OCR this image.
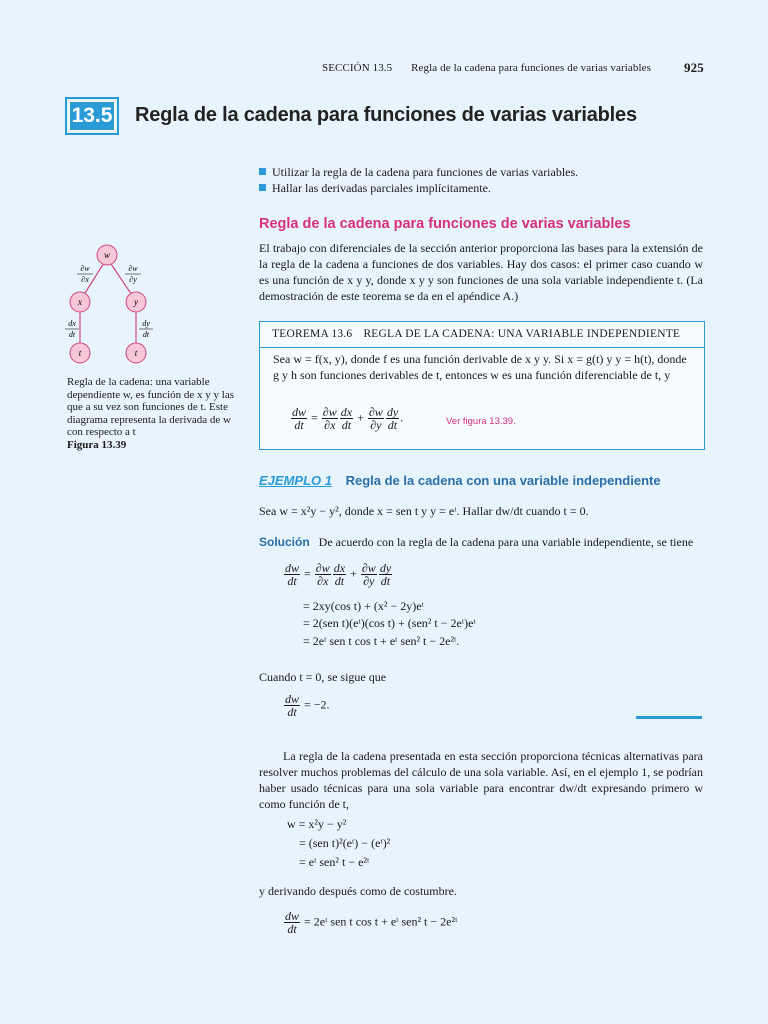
SECCIÓN 13.5 Regla de la cadena para funciones de varias variables	925
13.5 Regla de la cadena para funciones de varias variables
Utilizar la regla de la cadena para funciones de varias variables.
Hallar las derivadas parciales implícitamente.
Regla de la cadena para funciones de varias variables
El trabajo con diferenciales de la sección anterior proporciona las bases para la extensión de la regla de la cadena a funciones de dos variables. Hay dos casos: el primer caso cuando w es una función de x y y, donde x y y son funciones de una sola variable independiente t. (La demostración de este teorema se da en el apéndice A.)
TEOREMA 13.6 REGLA DE LA CADENA: UNA VARIABLE INDEPENDIENTE
Sea w = f(x, y), donde f es una función derivable de x y y. Si x = g(t) y y = h(t), donde g y h son funciones derivables de t, entonces w es una función diferenciable de t, y
$\frac{dw}{dt} = \frac{\partial w}{\partial x} \frac{dx}{dt} + \frac{\partial w}{\partial y} \frac{dy}{dt}$ .	Ver figura 13.39.
w
x	y
t	t
∂w
∂x
∂w
∂y
dx
dt
dy
dt
Regla de la cadena: una variable dependiente w, es función de x y y las que a su vez son funciones de t. Este diagrama representa la derivada de w con respecto a t
Figura 13.39
EJEMPLO 1 Regla de la cadena con una variable independiente
Sea w = x²y − y², donde x = sen t y y = eᵗ. Hallar dw/dt cuando t = 0.
Solución De acuerdo con la regla de la cadena para una variable independiente, se tiene
$\frac{dw}{dt} = \frac{\partial w}{\partial x} \frac{dx}{dt} + \frac{\partial w}{\partial y} \frac{dy}{dt}$
= 2xy(cos t) + (x² − 2y)eᵗ
= 2(sen t)(eᵗ)(cos t) + (sen² t − 2eᵗ)eᵗ
= 2eᵗ sen t cos t + eᵗ sen² t − 2e²ᵗ.
Cuando t = 0, se sigue que
$\frac{dw}{dt} = -2$.
La regla de la cadena presentada en esta sección proporciona técnicas alternativas para resolver muchos problemas del cálculo de una sola variable. Así, en el ejemplo 1, se podrían haber usado técnicas para una sola variable para encontrar dw/dt expresando primero w como función de t,
w = x²y − y²
= (sen t)²(eᵗ) − (eᵗ)²
= eᵗ sen² t − e²ᵗ
y derivando después como de costumbre.
$\frac{dw}{dt}$ = 2eᵗ sen t cos t + eᵗ sen² t − 2e²ᵗ
